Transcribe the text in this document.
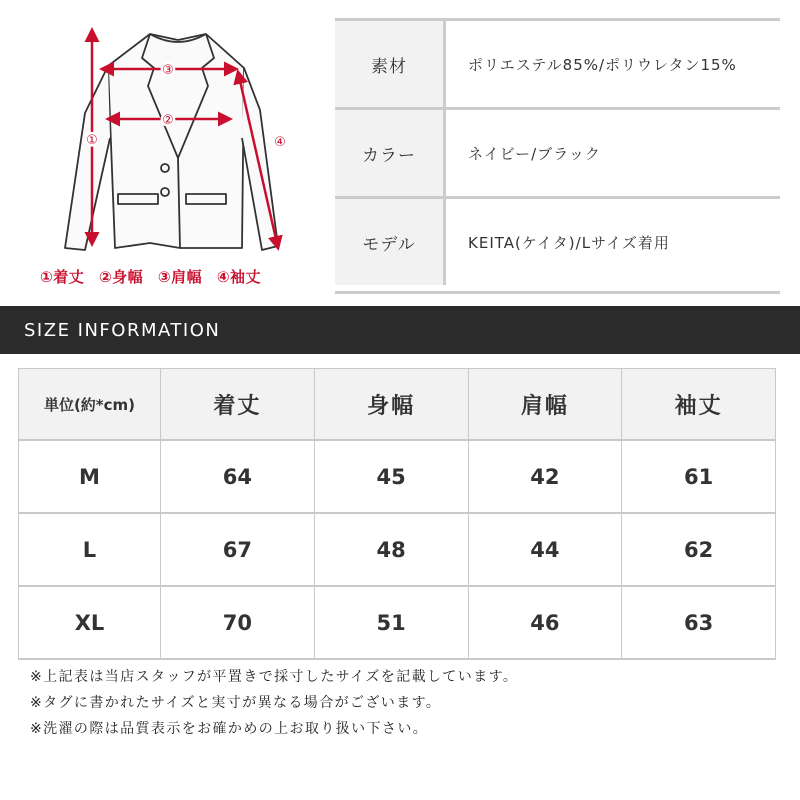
①
②
③
④
①着丈 ②身幅 ③肩幅 ④袖丈
素材	ポリエステル85%/ポリウレタン15%
カラー	ネイビー/ブラック
モデル	KEITA(ケイタ)/Lサイズ着用
SIZE INFORMATION
単位(約*cm)	着丈	身幅	肩幅	袖丈
M	64	45	42	61
L	67	48	44	62
XL	70	51	46	63
※上記表は当店スタッフが平置きで採寸したサイズを記載しています。
※タグに書かれたサイズと実寸が異なる場合がございます。
※洗濯の際は品質表示をお確かめの上お取り扱い下さい。
